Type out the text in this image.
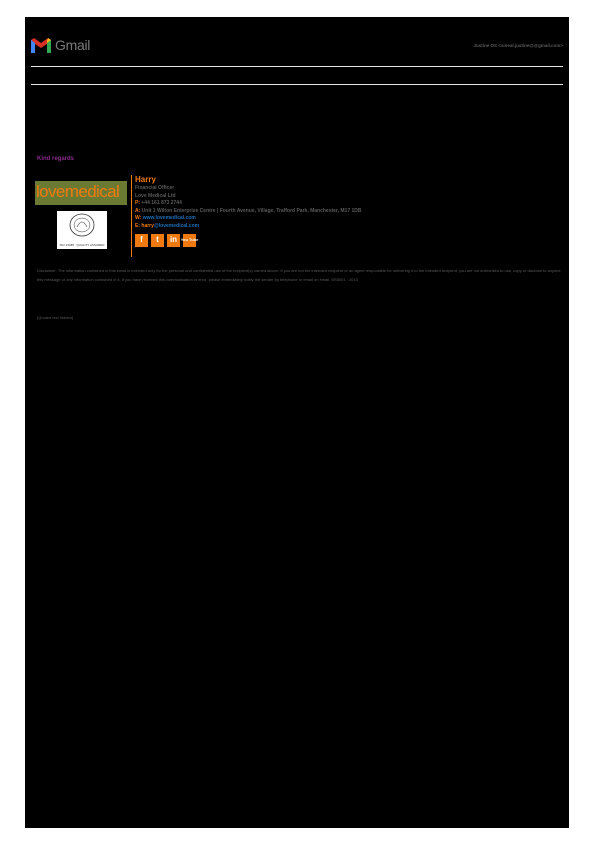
Gmail	Justine OS <sineal.justine@@gmail.com>
Kind regards
lovemedical
ISO 13485 : QUALITY ASSURED
Harry
Financial Officer
Love Medical Ltd
P: +44 161 873 2744
A: Unit 1 Wilton Enterprise Centre | Fourth Avenue, Village, Trafford Park, Manchester, M17 1DB
W: www.lovemedical.com
E: harry@lovemedical.com
f	t	in You Tube
Disclaimer: The information contained in this email is intended only for the personal and confidential use of the recipient(s) named above. If you are not the intended recipient or an agent responsible for delivering it to the intended recipient, you are not authorised to use, copy or disclose to anyone this message or any information contained in it. If you have received this communication in error, please immediately notify the sender by telephone or email on email, BS5001 : 2015
[Quoted text hidden]
